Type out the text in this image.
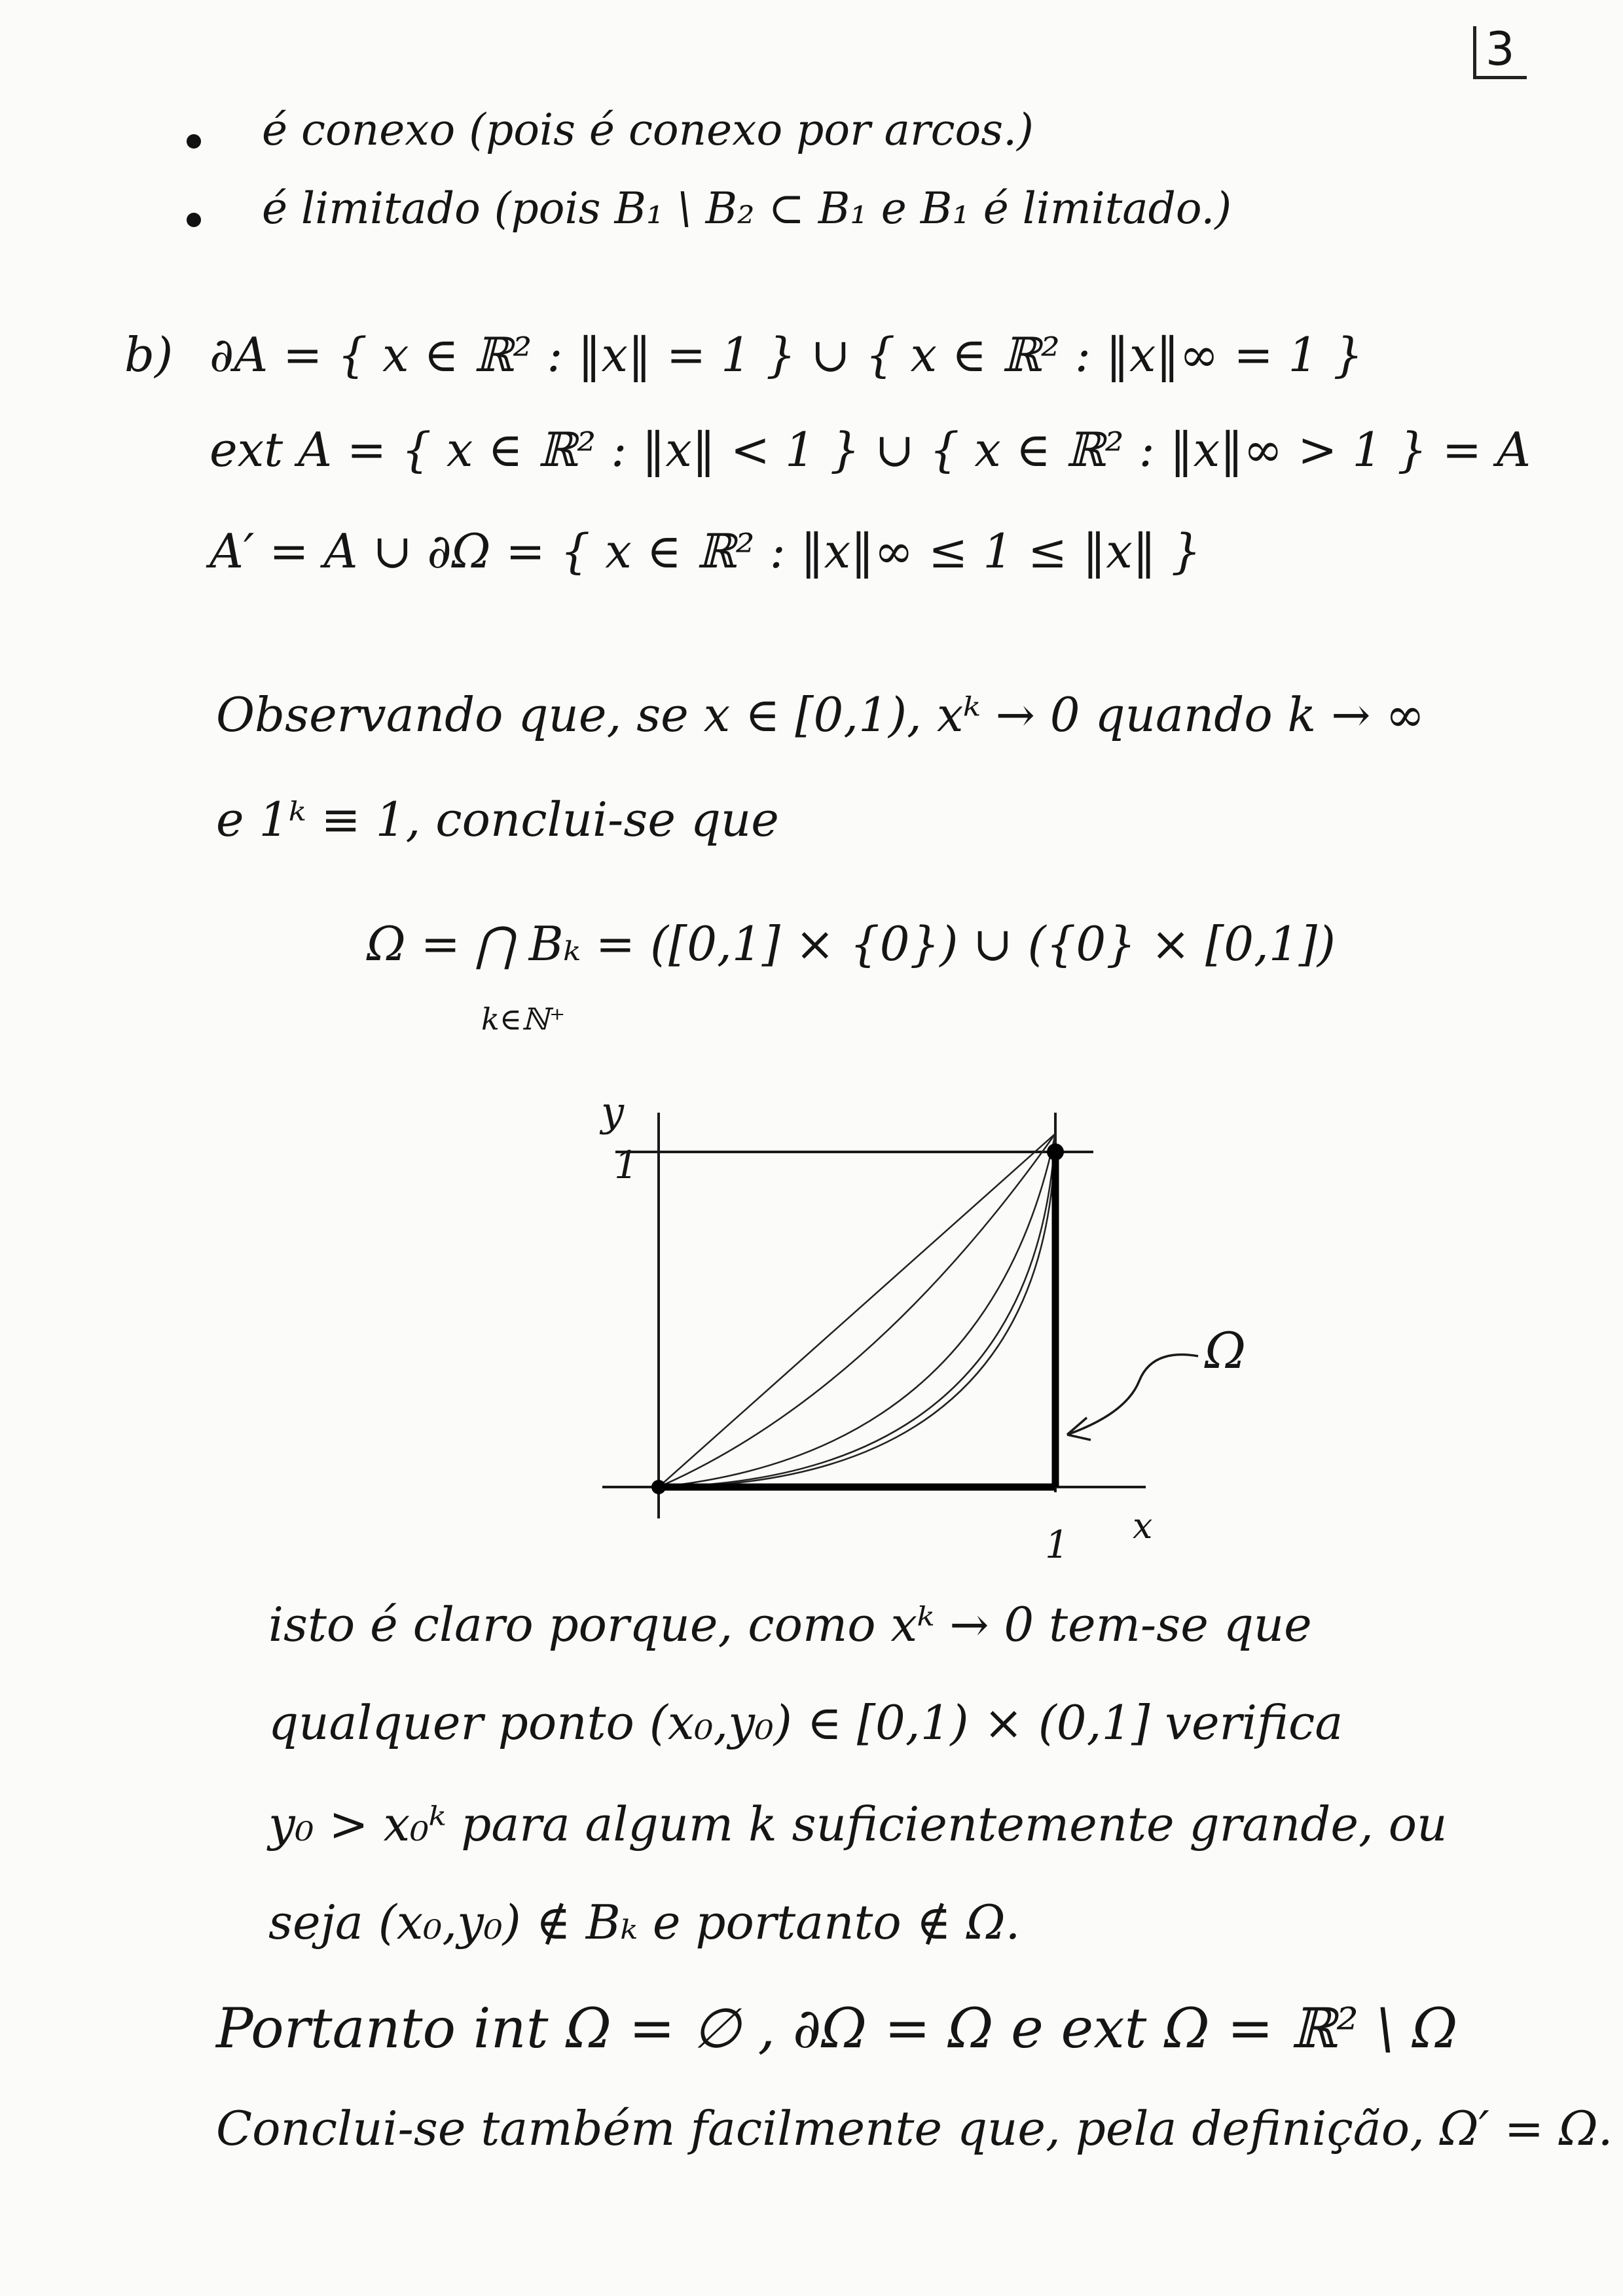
3
é conexo (pois é conexo por arcos.)
é limitado (pois B₁ \ B₂ ⊂ B₁ e B₁ é limitado.)
b) ∂A = { x ∈ ℝ² : ‖x‖ = 1 } ∪ { x ∈ ℝ² : ‖x‖∞ = 1 }
ext A = { x ∈ ℝ² : ‖x‖ < 1 } ∪ { x ∈ ℝ² : ‖x‖∞ > 1 } = A
A′ = A ∪ ∂Ω = { x ∈ ℝ² : ‖x‖∞ ≤ 1 ≤ ‖x‖ }
Observando que, se x ∈ [0,1), xᵏ → 0 quando k → ∞
e 1ᵏ ≡ 1, conclui-se que
Ω = ⋂ Bₖ = ([0,1] × {0}) ∪ ({0} × [0,1])
k∈ℕ⁺
y
1
x
1
Ω
isto é claro porque, como xᵏ → 0 tem-se que
qualquer ponto (x₀,y₀) ∈ [0,1) × (0,1] verifica
y₀ > x₀ᵏ para algum k suficientemente grande, ou
seja (x₀,y₀) ∉ Bₖ e portanto ∉ Ω.
Portanto int Ω = ∅ , ∂Ω = Ω e ext Ω = ℝ² \ Ω
Conclui-se também facilmente que, pela definição, Ω′ = Ω.
